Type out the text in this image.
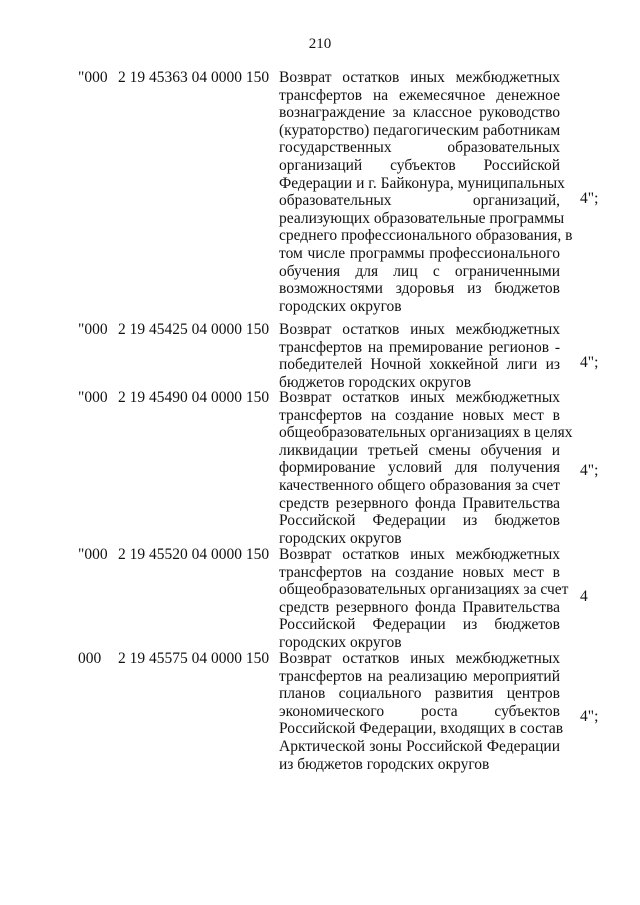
210
"000 2 19 45363 04 0000 150 Возврат остатков иных межбюджетных
трансфертов на ежемесячное денежное
вознаграждение за классное руководство
(кураторство) педагогическим работникам
государственных образовательных
организаций субъектов Российской
Федерации и г. Байконура, муниципальных
образовательных организаций,
реализующих образовательные программы
среднего профессионального образования, в
том числе программы профессионального
обучения для лиц с ограниченными
возможностями здоровья из бюджетов
городских округов
4";
"000 2 19 45425 04 0000 150 Возврат остатков иных межбюджетных
трансфертов на премирование регионов -
победителей Ночной хоккейной лиги из
бюджетов городских округов
4";
"000 2 19 45490 04 0000 150 Возврат остатков иных межбюджетных
трансфертов на создание новых мест в
общеобразовательных организациях в целях
ликвидации третьей смены обучения и
формирование условий для получения
качественного общего образования за счет
средств резервного фонда Правительства
Российской Федерации из бюджетов
городских округов
4";
"000 2 19 45520 04 0000 150 Возврат остатков иных межбюджетных
трансфертов на создание новых мест в
общеобразовательных организациях за счет
средств резервного фонда Правительства
Российской Федерации из бюджетов
городских округов
4
000 2 19 45575 04 0000 150 Возврат остатков иных межбюджетных
трансфертов на реализацию мероприятий
планов социального развития центров
экономического роста субъектов
Российской Федерации, входящих в состав
Арктической зоны Российской Федерации
из бюджетов городских округов
4";
